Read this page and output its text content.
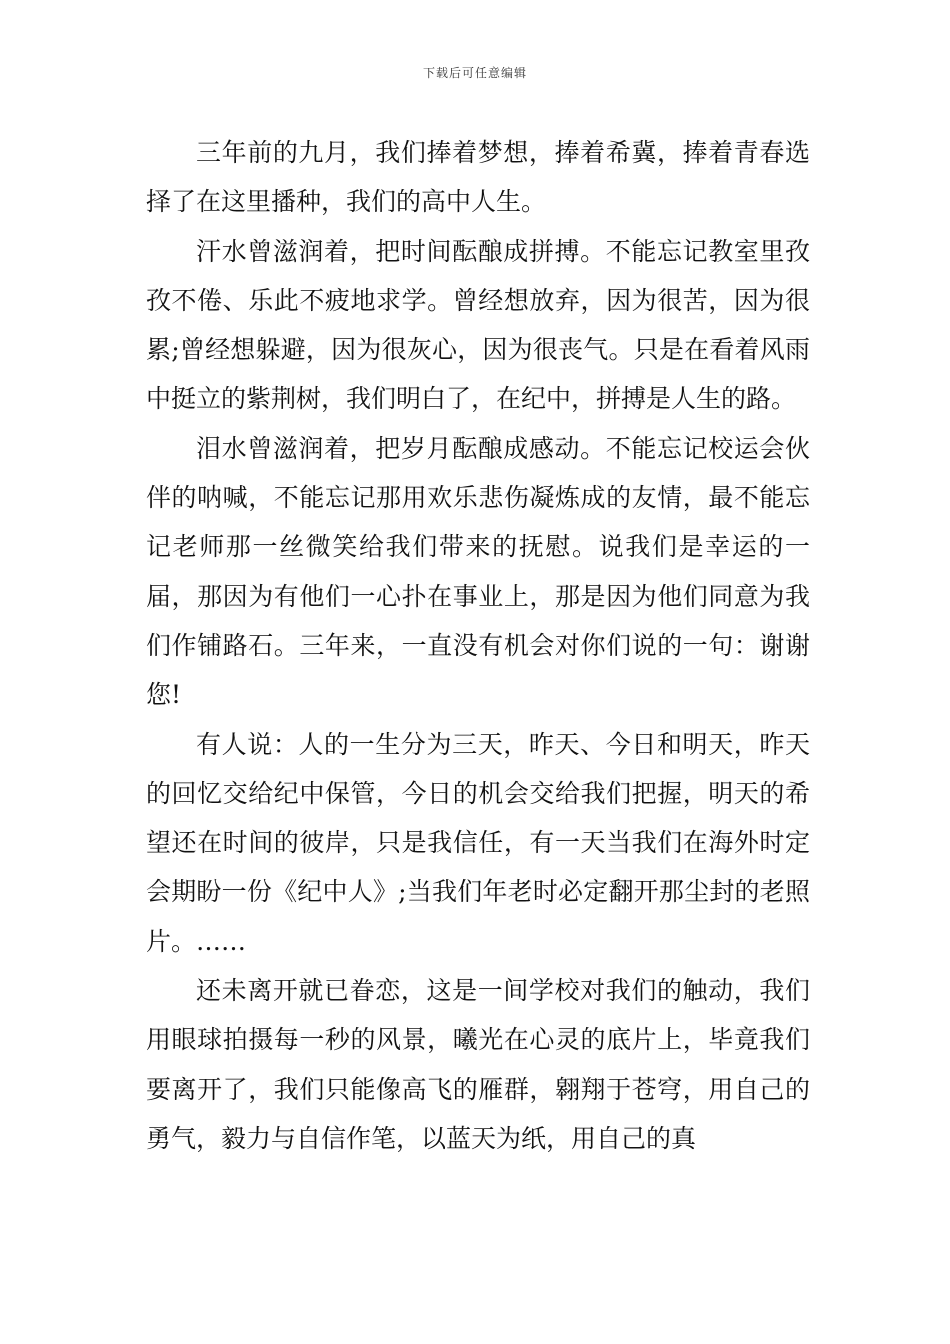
下载后可任意编辑

三年前的九月，我们捧着梦想，捧着希冀，捧着青春选择了在这里播种，我们的高中人生。

汗水曾滋润着，把时间酝酿成拼搏。不能忘记教室里孜孜不倦、乐此不疲地求学。曾经想放弃，因为很苦，因为很累;曾经想躲避，因为很灰心，因为很丧气。只是在看着风雨中挺立的紫荆树，我们明白了，在纪中，拼搏是人生的路。

泪水曾滋润着，把岁月酝酿成感动。不能忘记校运会伙伴的呐喊，不能忘记那用欢乐悲伤凝炼成的友情，最不能忘记老师那一丝微笑给我们带来的抚慰。说我们是幸运的一届，那因为有他们一心扑在事业上，那是因为他们同意为我们作铺路石。三年来，一直没有机会对你们说的一句：谢谢您!

有人说：人的一生分为三天，昨天、今日和明天，昨天的回忆交给纪中保管，今日的机会交给我们把握，明天的希望还在时间的彼岸，只是我信任，有一天当我们在海外时定会期盼一份《纪中人》;当我们年老时必定翻开那尘封的老照片。……

还未离开就已眷恋，这是一间学校对我们的触动，我们用眼球拍摄每一秒的风景，曦光在心灵的底片上，毕竟我们要离开了，我们只能像高飞的雁群，翱翔于苍穹，用自己的勇气，毅力与自信作笔，以蓝天为纸，用自己的真
